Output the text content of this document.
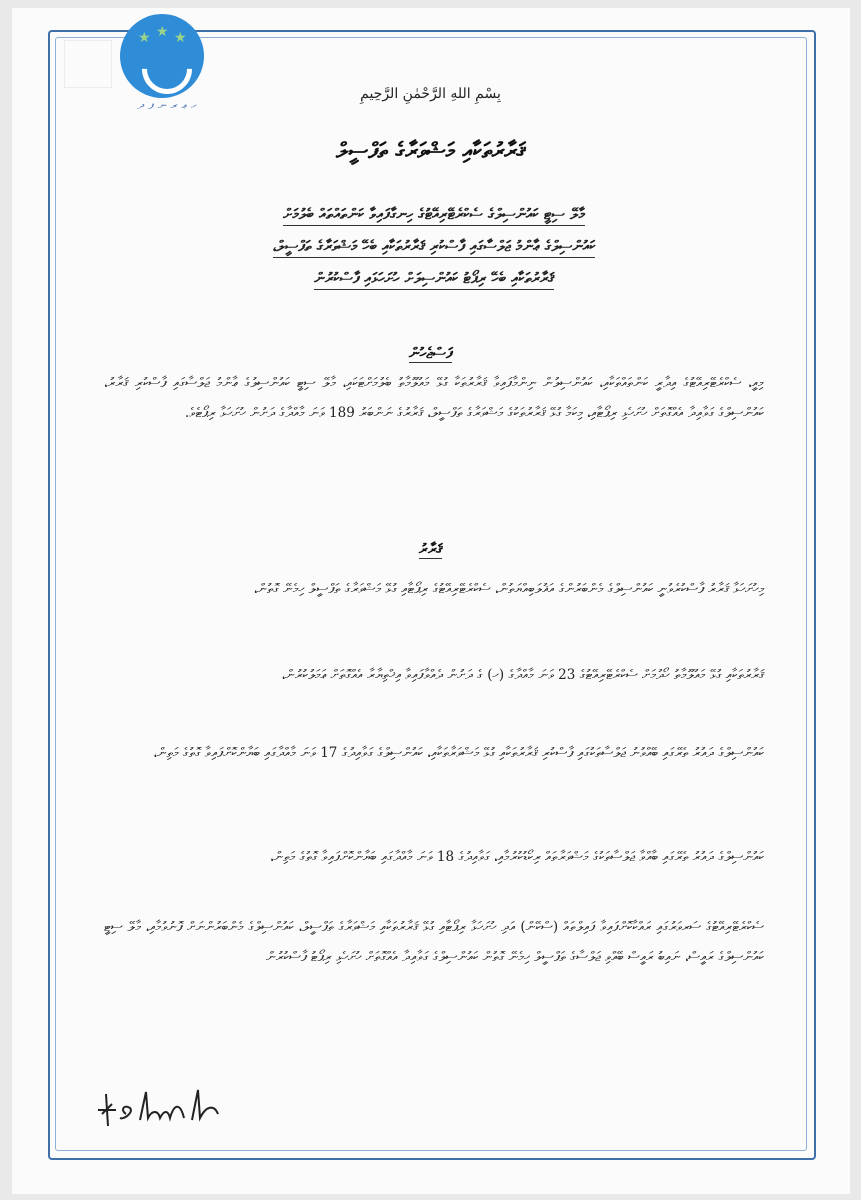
★ ★ ★
ހ ޢ ރ ނ ފ ދ
بِسْمِ اللهِ الرَّحْمٰنِ الرَّحِيمِ
ޤަރާރުތަކާއި މަޝްވަރާގެ ތަފްސީލް
މާލޭ ސިޓީ ކައުންސިލްގެ ސެކްރެޓޭރިއޭޓުގެ ހިނގާފައިވާ ކަންތައްތައް ބެލުމަށް
ކައުންސިލްގެ ޢާންމު ޖަލްސާގައި ފާސްކުރި ޤަރާރުތަކާއި ބެހޭ މަޝްވަރާގެ ތަފްސީލް،
ޤަރާރުތަކާއި ބެހޭ ރިޕޯޓު ކައުންސިލަށް ހުށަހަޅައި ފާސްކުރުން
ފަސްޖެހުން
މިއީ، ސެކްރެޓޭރިއޭޓުގެ އިދާރީ ކަންތައްތަކާއި، ކައުންސިލުން ނިންމާފައިވާ ޤަރާރުތަކާ ގުޅޭ މައުލޫމާތު ބެލުމަށްޓަކައި، މާލޭ ސިޓީ ކައުންސިލުގެ ޢާންމު ޖަލްސާގައި ފާސްކުރި ޤަރާރު، ކައުންސިލްގެ ގަވާއިދާ އެއްގޮތަށް ހުށަހެޅި ރިޕޯޓާއި، މިކަމާ ގުޅޭ ޤަރާރުތަކުގެ މަޝްވަރާގެ ތަފްސީލް، ޤަރާރުގެ ނަންބަރު 189 ވަނަ މާއްދާގެ ދަށުން ހުށަހަޅާ ރިޕޯޓެވެ.
ޤަރާރު
މިހުށަހަޅާ ޤަރާރު ފާސްކުރެވުނީ ކައުންސިލްގެ މެންބަރުންގެ އަޣުލަބިއްޔަތުން، ސެކްރެޓޭރިއޭޓުގެ ރިޕޯޓާއި ގުޅޭ މަޝްވަރާގެ ތަފްސީލް ހިމެނޭ ގޮތުން،
ޤަރާރުތަކާއި ގުޅޭ މައުލޫމާތު ހޯދުމަށް ސެކްރެޓޭރިއޭޓުގެ 23 ވަނަ މާއްދާގެ (ހ) ގެ ދަށުން ދެއްވާފައިވާ އިޚްތިޔާރާ އެއްގޮތަށް ޢަމަލުކުރުން،
ކައުންސިލްގެ ދައުރު ތެރޭގައި ބޭއްވުނު ޖަލްސާތަކުގައި ފާސްކުރި ޤަރާރުތަކާއި ގުޅޭ މަޝްވަރާތަކާއި، ކައުންސިލްގެ ގަވާއިދުގެ 17 ވަނަ މާއްދާގައި ބަޔާންކޮށްފައިވާ ގޮތުގެ މަތިން،
ކައުންސިލްގެ ދައުރު ތެރޭގައި ބާއްވާ ޖަލްސާތަކުގެ މަޝްވަރާތައް ރިކޯޑުކުރުމާއި، ގަވާއިދުގެ 18 ވަނަ މާއްދާގައި ބަޔާންކޮށްފައިވާ ގޮތުގެ މަތިން،
ސެކްރެޓޭރިއޭޓުގެ ސަރވަރުގައި ރައްކާކޮށްފައިވާ ފައިލްތައް (ސްކޭން) އަދި ހުށަހަޅާ ރިޕޯޓާއި ގުޅޭ ޤަރާރުތަކާއި މަޝްވަރާގެ ތަފްސީލް، ކައުންސިލްގެ މެންބަރުންނަށް ފޮނުވުމާއި، މާލޭ ސިޓީ ކައުންސިލްގެ ރައީސް، ނައިބު ރައީސް ބޭއްވި ޖަލްސާގެ ތަފްސީލް ހިމެނޭ ގޮތުން ކައުންސިލްގެ ގަވާއިދާ އެއްގޮތަށް ހުށަހެޅި ރިޕޯޓު ފާސްކުރުން
